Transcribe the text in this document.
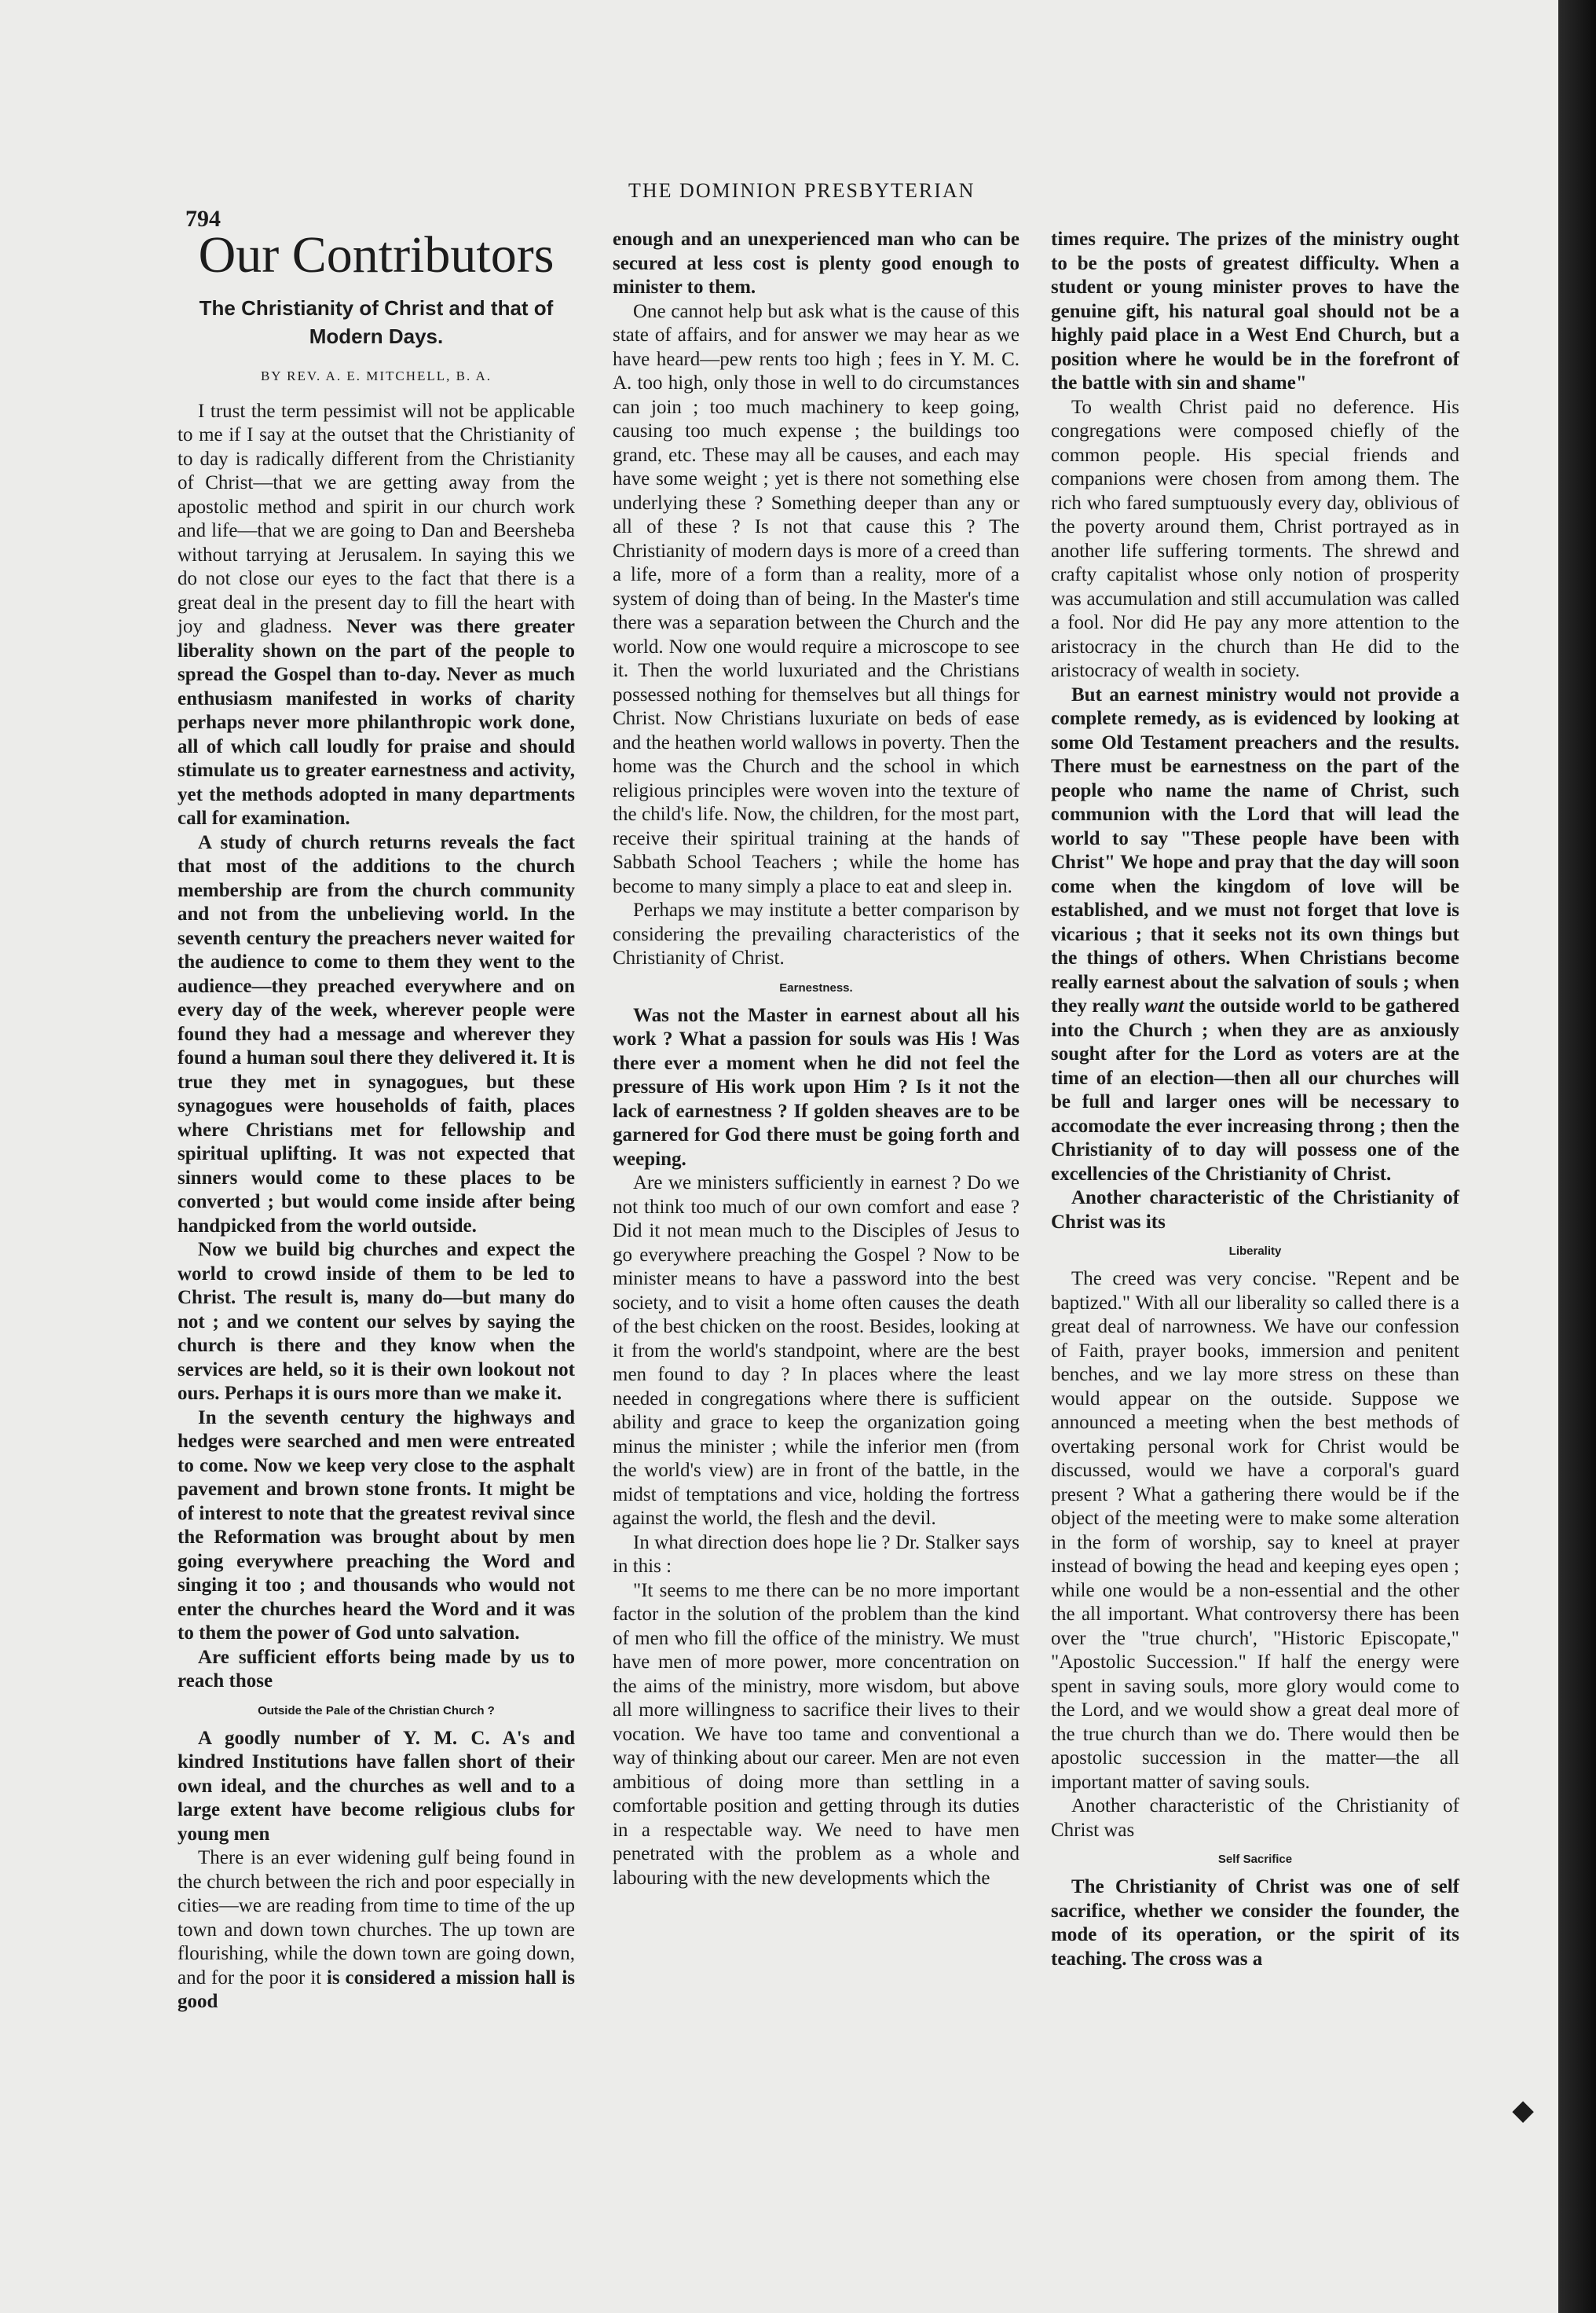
794
THE DOMINION PRESBYTERIAN
Our Contributors
The Christianity of Christ and that of Modern Days.
BY REV. A. E. MITCHELL, B. A.

I trust the term pessimist will not be applicable to me if I say at the outset that the Christianity of to day is radically different from the Christianity of Christ—that we are getting away from the apostolic method and spirit in our church work and life—that we are going to Dan and Beersheba without tarrying at Jerusalem. In saying this we do not close our eyes to the fact that there is a great deal in the present day to fill the heart with joy and gladness. Never was there greater liberality shown on the part of the people to spread the Gospel than to-day. Never as much enthusiasm manifested in works of charity perhaps never more philanthropic work done, all of which call loudly for praise and should stimulate us to greater earnestness and activity, yet the methods adopted in many departments call for examination.

A study of church returns reveals the fact that most of the additions to the church membership are from the church community and not from the unbelieving world. In the seventh century the preachers never waited for the audience to come to them they went to the audience—they preached everywhere and on every day of the week, wherever people were found they had a message and wherever they found a human soul there they delivered it. It is true they met in synagogues, but these synagogues were households of faith, places where Christians met for fellowship and spiritual uplifting. It was not expected that sinners would come to these places to be converted ; but would come inside after being handpicked from the world outside.

Now we build big churches and expect the world to crowd inside of them to be led to Christ. The result is, many do—but many do not ; and we content our selves by saying the church is there and they know when the services are held, so it is their own lookout not ours. Perhaps it is ours more than we make it.

In the seventh century the highways and hedges were searched and men were entreated to come. Now we keep very close to the asphalt pavement and brown stone fronts. It might be of interest to note that the greatest revival since the Reformation was brought about by men going everywhere preaching the Word and singing it too ; and thousands who would not enter the churches heard the Word and it was to them the power of God unto salvation.

Are sufficient efforts being made by us to reach those

Outside the Pale of the Christian Church ?

A goodly number of Y. M. C. A's and kindred Institutions have fallen short of their own ideal, and the churches as well and to a large extent have become religious clubs for young men

There is an ever widening gulf being found in the church between the rich and poor especially in cities—we are reading from time to time of the up town and down town churches. The up town are flourishing, while the down town are going down, and for the poor it is considered a mission hall is good

enough and an unexperienced man who can be secured at less cost is plenty good enough to minister to them.

One cannot help but ask what is the cause of this state of affairs, and for answer we may hear as we have heard—pew rents too high ; fees in Y. M. C. A. too high, only those in well to do circumstances can join ; too much machinery to keep going, causing too much expense ; the buildings too grand, etc. These may all be causes, and each may have some weight ; yet is there not something else underlying these ? Something deeper than any or all of these ? Is not that cause this ? The Christianity of modern days is more of a creed than a life, more of a form than a reality, more of a system of doing than of being. In the Master's time there was a separation between the Church and the world. Now one would require a microscope to see it. Then the world luxuriated and the Christians possessed nothing for themselves but all things for Christ. Now Christians luxuriate on beds of ease and the heathen world wallows in poverty. Then the home was the Church and the school in which religious principles were woven into the texture of the child's life. Now, the children, for the most part, receive their spiritual training at the hands of Sabbath School Teachers ; while the home has become to many simply a place to eat and sleep in.

Perhaps we may institute a better comparison by considering the prevailing characteristics of the Christianity of Christ.

Earnestness.

Was not the Master in earnest about all his work ? What a passion for souls was His ! Was there ever a moment when he did not feel the pressure of His work upon Him ? Is it not the lack of earnestness ? If golden sheaves are to be garnered for God there must be going forth and weeping.

Are we ministers sufficiently in earnest ? Do we not think too much of our own comfort and ease ? Did it not mean much to the Disciples of Jesus to go everywhere preaching the Gospel ? Now to be minister means to have a password into the best society, and to visit a home often causes the death of the best chicken on the roost. Besides, looking at it from the world's standpoint, where are the best men found to day ? In places where the least needed in congregations where there is sufficient ability and grace to keep the organization going minus the minister ; while the inferior men (from the world's view) are in front of the battle, in the midst of temptations and vice, holding the fortress against the world, the flesh and the devil.

In what direction does hope lie ? Dr. Stalker says in this :

"It seems to me there can be no more important factor in the solution of the problem than the kind of men who fill the office of the ministry. We must have men of more power, more concentration on the aims of the ministry, more wisdom, but above all more willingness to sacrifice their lives to their vocation. We have too tame and conventional a way of thinking about our career. Men are not even ambitious of doing more than settling in a comfortable position and getting through its duties in a respectable way. We need to have men penetrated with the problem as a whole and labouring with the new developments which the

times require. The prizes of the ministry ought to be the posts of greatest difficulty. When a student or young minister proves to have the genuine gift, his natural goal should not be a highly paid place in a West End Church, but a position where he would be in the forefront of the battle with sin and shame"

To wealth Christ paid no deference. His congregations were composed chiefly of the common people. His special friends and companions were chosen from among them. The rich who fared sumptuously every day, oblivious of the poverty around them, Christ portrayed as in another life suffering torments. The shrewd and crafty capitalist whose only notion of prosperity was accumulation and still accumulation was called a fool. Nor did He pay any more attention to the aristocracy in the church than He did to the aristocracy of wealth in society.

But an earnest ministry would not provide a complete remedy, as is evidenced by looking at some Old Testament preachers and the results. There must be earnestness on the part of the people who name the name of Christ, such communion with the Lord that will lead the world to say "These people have been with Christ" We hope and pray that the day will soon come when the kingdom of love will be established, and we must not forget that love is vicarious ; that it seeks not its own things but the things of others. When Christians become really earnest about the salvation of souls ; when they really want the outside world to be gathered into the Church ; when they are as anxiously sought after for the Lord as voters are at the time of an election—then all our churches will be full and larger ones will be necessary to accomodate the ever increasing throng ; then the Christianity of to day will possess one of the excellencies of the Christianity of Christ.

Another characteristic of the Christianity of Christ was its

Liberality

The creed was very concise. "Repent and be baptized." With all our liberality so called there is a great deal of narrowness. We have our confession of Faith, prayer books, immersion and penitent benches, and we lay more stress on these than would appear on the outside. Suppose we announced a meeting when the best methods of overtaking personal work for Christ would be discussed, would we have a corporal's guard present ? What a gathering there would be if the object of the meeting were to make some alteration in the form of worship, say to kneel at prayer instead of bowing the head and keeping eyes open ; while one would be a non-essential and the other the all important. What controversy there has been over the "true church', "Historic Episcopate," "Apostolic Succession." If half the energy were spent in saving souls, more glory would come to the Lord, and we would show a great deal more of the true church than we do. There would then be apostolic succession in the matter—the all important matter of saving souls.

Another characteristic of the Christianity of Christ was

Self Sacrifice

The Christianity of Christ was one of self sacrifice, whether we consider the founder, the mode of its operation, or the spirit of its teaching. The cross was a

◆
